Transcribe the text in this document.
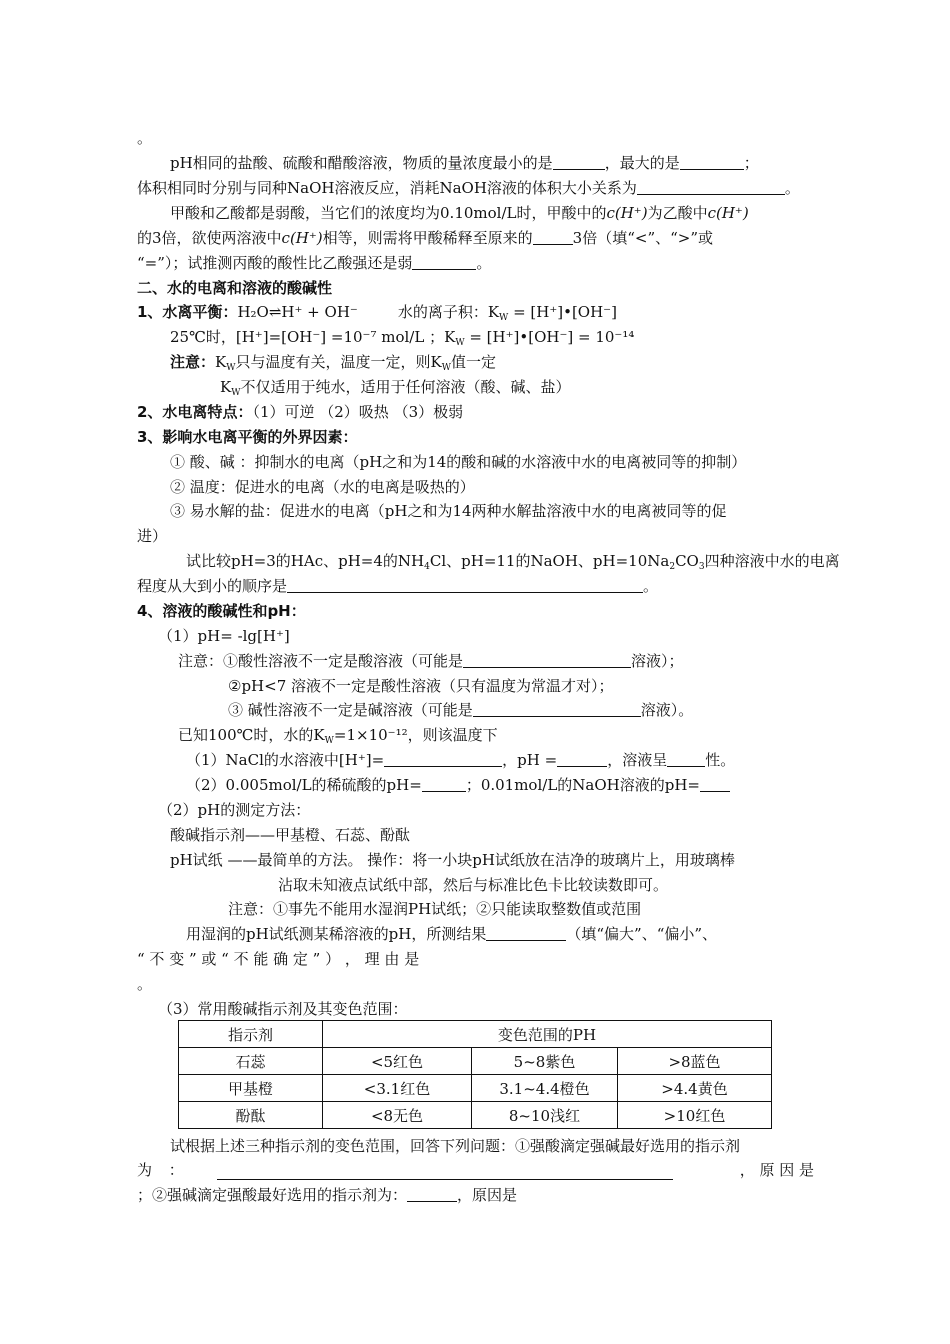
。
pH相同的盐酸、硫酸和醋酸溶液，物质的量浓度最小的是	，最大的是	；
体积相同时分别与同种NaOH溶液反应，消耗NaOH溶液的体积大小关系为	。
甲酸和乙酸都是弱酸，当它们的浓度均为0.10mol/L时，甲酸中的c(H⁺)为乙酸中c(H⁺)
的3倍，欲使两溶液中c(H⁺)相等，则需将甲酸稀释至原来的	3倍（填“<”、“>”或
“=”）；试推测丙酸的酸性比乙酸强还是弱	。
二、水的电离和溶液的酸碱性
1、水离平衡：H₂O⇌H⁺ + OH⁻	水的离子积：$K_W$ = [H⁺]•[OH⁻]
25℃时，[H⁺]=[OH⁻] =10⁻⁷ mol/L ；$K_W$ = [H⁺]•[OH⁻] = 10⁻¹⁴
注意：$K_W$只与温度有关，温度一定，则$K_W$值一定
$K_W$不仅适用于纯水，适用于任何溶液（酸、碱、盐）
2、水电离特点：（1）可逆 （2）吸热 （3）极弱
3、影响水电离平衡的外界因素：
① 酸、碱 ：抑制水的电离（pH之和为14的酸和碱的水溶液中水的电离被同等的抑制）
② 温度：促进水的电离（水的电离是吸热的）
③ 易水解的盐：促进水的电离（pH之和为14两种水解盐溶液中水的电离被同等的促
进）
试比较pH=3的HAc、pH=4的$NH_4Cl$、pH=11的NaOH、$pH=10Na_2CO_3$四种溶液中水的电离
程度从大到小的顺序是	。
4、溶液的酸碱性和pH：
（1）pH= -lg[H⁺]
注意：①酸性溶液不一定是酸溶液（可能是	溶液）；
②pH<7 溶液不一定是酸性溶液（只有温度为常温才对）；
③ 碱性溶液不一定是碱溶液（可能是	溶液）。
已知100℃时，水的$K_W=1\times 10^{-12}$，则该温度下
（1）NaCl的水溶液中[H⁺]=	，pH =	，溶液呈	性。
（2）0.005mol/L的稀硫酸的pH=	；0.01mol/L的NaOH溶液的pH=
（2）pH的测定方法：
酸碱指示剂——甲基橙、石蕊、酚酞
pH试纸 ——最简单的方法。 操作：将一小块pH试纸放在洁净的玻璃片上，用玻璃棒
沾取未知液点试纸中部，然后与标准比色卡比较读数即可。
注意：①事先不能用水湿润PH试纸；②只能读取整数值或范围
用湿润的pH试纸测某稀溶液的pH，所测结果	（填“偏大”、“偏小”、
“ 不 变 ” 或 “ 不 能 确 定 ” ） ， 理 由 是
。
（3）常用酸碱指示剂及其变色范围：
指示剂	变色范围的PH		
石蕊	<5红色	5~8紫色	>8蓝色
甲基橙	<3.1红色	3.1~4.4橙色	>4.4黄色
酚酞	<8无色	8~10浅红	>10红色
试根据上述三种指示剂的变色范围，回答下列问题：①强酸滴定强碱最好选用的指示剂
为 ：	， 原 因 是
；②强碱滴定强酸最好选用的指示剂为：	，原因是
